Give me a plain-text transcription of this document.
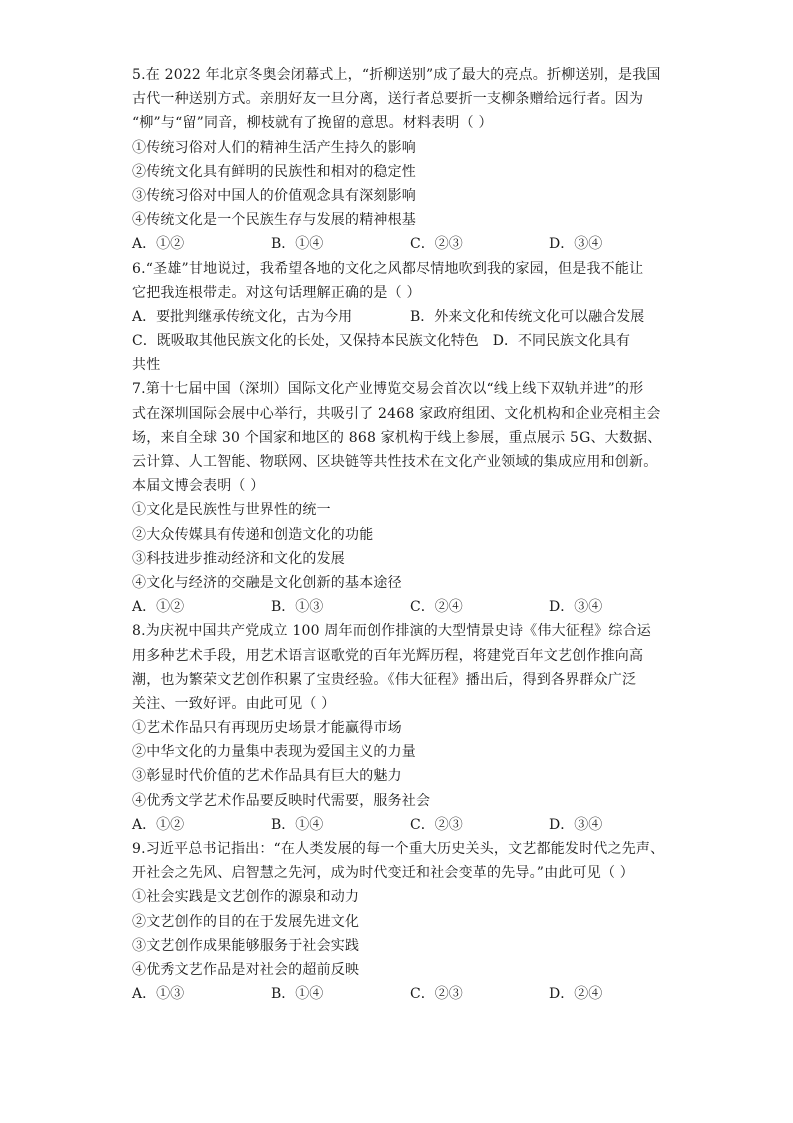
5.在 2022 年北京冬奥会闭幕式上，“折柳送别”成了最大的亮点。折柳送别，是我国
古代一种送别方式。亲朋好友一旦分离，送行者总要折一支柳条赠给远行者。因为
“柳”与“留”同音，柳枝就有了挽留的意思。材料表明（ ）
①传统习俗对人们的精神生活产生持久的影响
②传统文化具有鲜明的民族性和相对的稳定性
③传统习俗对中国人的价值观念具有深刻影响
④传统文化是一个民族生存与发展的精神根基
A．①②	B．①④	C．②③	D．③④
6.“圣雄”甘地说过，我希望各地的文化之风都尽情地吹到我的家园，但是我不能让
它把我连根带走。对这句话理解正确的是（ ）
A．要批判继承传统文化，古为今用	B．外来文化和传统文化可以融合发展
C．既吸取其他民族文化的长处，又保持本民族文化特色	D．不同民族文化具有
共性
7.第十七届中国（深圳）国际文化产业博览交易会首次以“线上线下双轨并进”的形
式在深圳国际会展中心举行，共吸引了 2468 家政府组团、文化机构和企业亮相主会
场，来自全球 30 个国家和地区的 868 家机构于线上参展，重点展示 5G、大数据、
云计算、人工智能、物联网、区块链等共性技术在文化产业领域的集成应用和创新。
本届文博会表明（ ）
①文化是民族性与世界性的统一
②大众传媒具有传递和创造文化的功能
③科技进步推动经济和文化的发展
④文化与经济的交融是文化创新的基本途径
A．①②	B．①③	C．②④	D．③④
8.为庆祝中国共产党成立 100 周年而创作排演的大型情景史诗《伟大征程》综合运
用多种艺术手段，用艺术语言讴歌党的百年光辉历程，将建党百年文艺创作推向高
潮，也为繁荣文艺创作积累了宝贵经验。《伟大征程》播出后，得到各界群众广泛
关注、一致好评。由此可见（ ）
①艺术作品只有再现历史场景才能赢得市场
②中华文化的力量集中表现为爱国主义的力量
③彰显时代价值的艺术作品具有巨大的魅力
④优秀文学艺术作品要反映时代需要，服务社会
A．①②	B．①④	C．②③	D．③④
9.习近平总书记指出：“在人类发展的每一个重大历史关头，文艺都能发时代之先声、
开社会之先风、启智慧之先河，成为时代变迁和社会变革的先导。”由此可见（ ）
①社会实践是文艺创作的源泉和动力
②文艺创作的目的在于发展先进文化
③文艺创作成果能够服务于社会实践
④优秀文艺作品是对社会的超前反映
A．①③	B．①④	C．②③	D．②④
